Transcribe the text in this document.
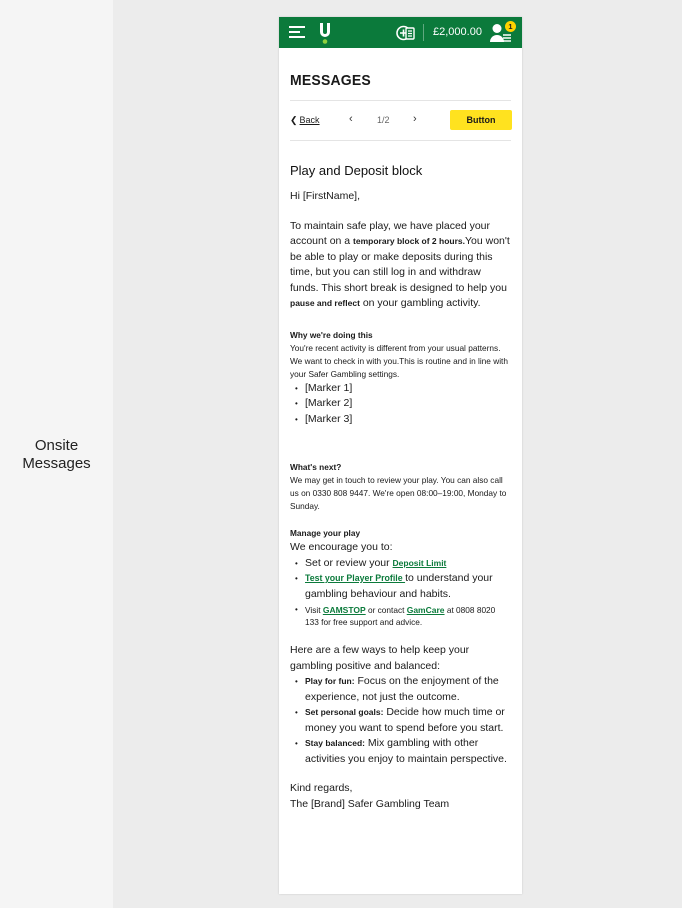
Onsite
Messages
£2,000.00	1
MESSAGES
❮ Back	‹	1/2 ›	Button
Play and Deposit block

Hi [FirstName],

To maintain safe play, we have placed your account on a temporary block of 2 hours.You won't be able to play or make deposits during this time, but you can still log in and withdraw funds. This short break is designed to help you pause and reflect on your gambling activity.

Why we're doing this

You're recent activity is different from your usual patterns. We want to check in with you.This is routine and in line with your Safer Gambling settings.

• [Marker 1]
• [Marker 2]
• [Marker 3]

What's next?

We may get in touch to review your play. You can also call us on 0330 808 9447. We're open 08:00–19:00, Monday to Sunday.

Manage your play

We encourage you to:

• Set or review your Deposit Limit
• Test your Player Profile to understand your gambling behaviour and habits.
• Visit GAMSTOP or contact GamCare at 0808 8020 133 for free support and advice.

Here are a few ways to help keep your gambling positive and balanced:

• Play for fun: Focus on the enjoyment of the experience, not just the outcome.
• Set personal goals: Decide how much time or money you want to spend before you start.
• Stay balanced: Mix gambling with other activities you enjoy to maintain perspective.

Kind regards,

The [Brand] Safer Gambling Team
